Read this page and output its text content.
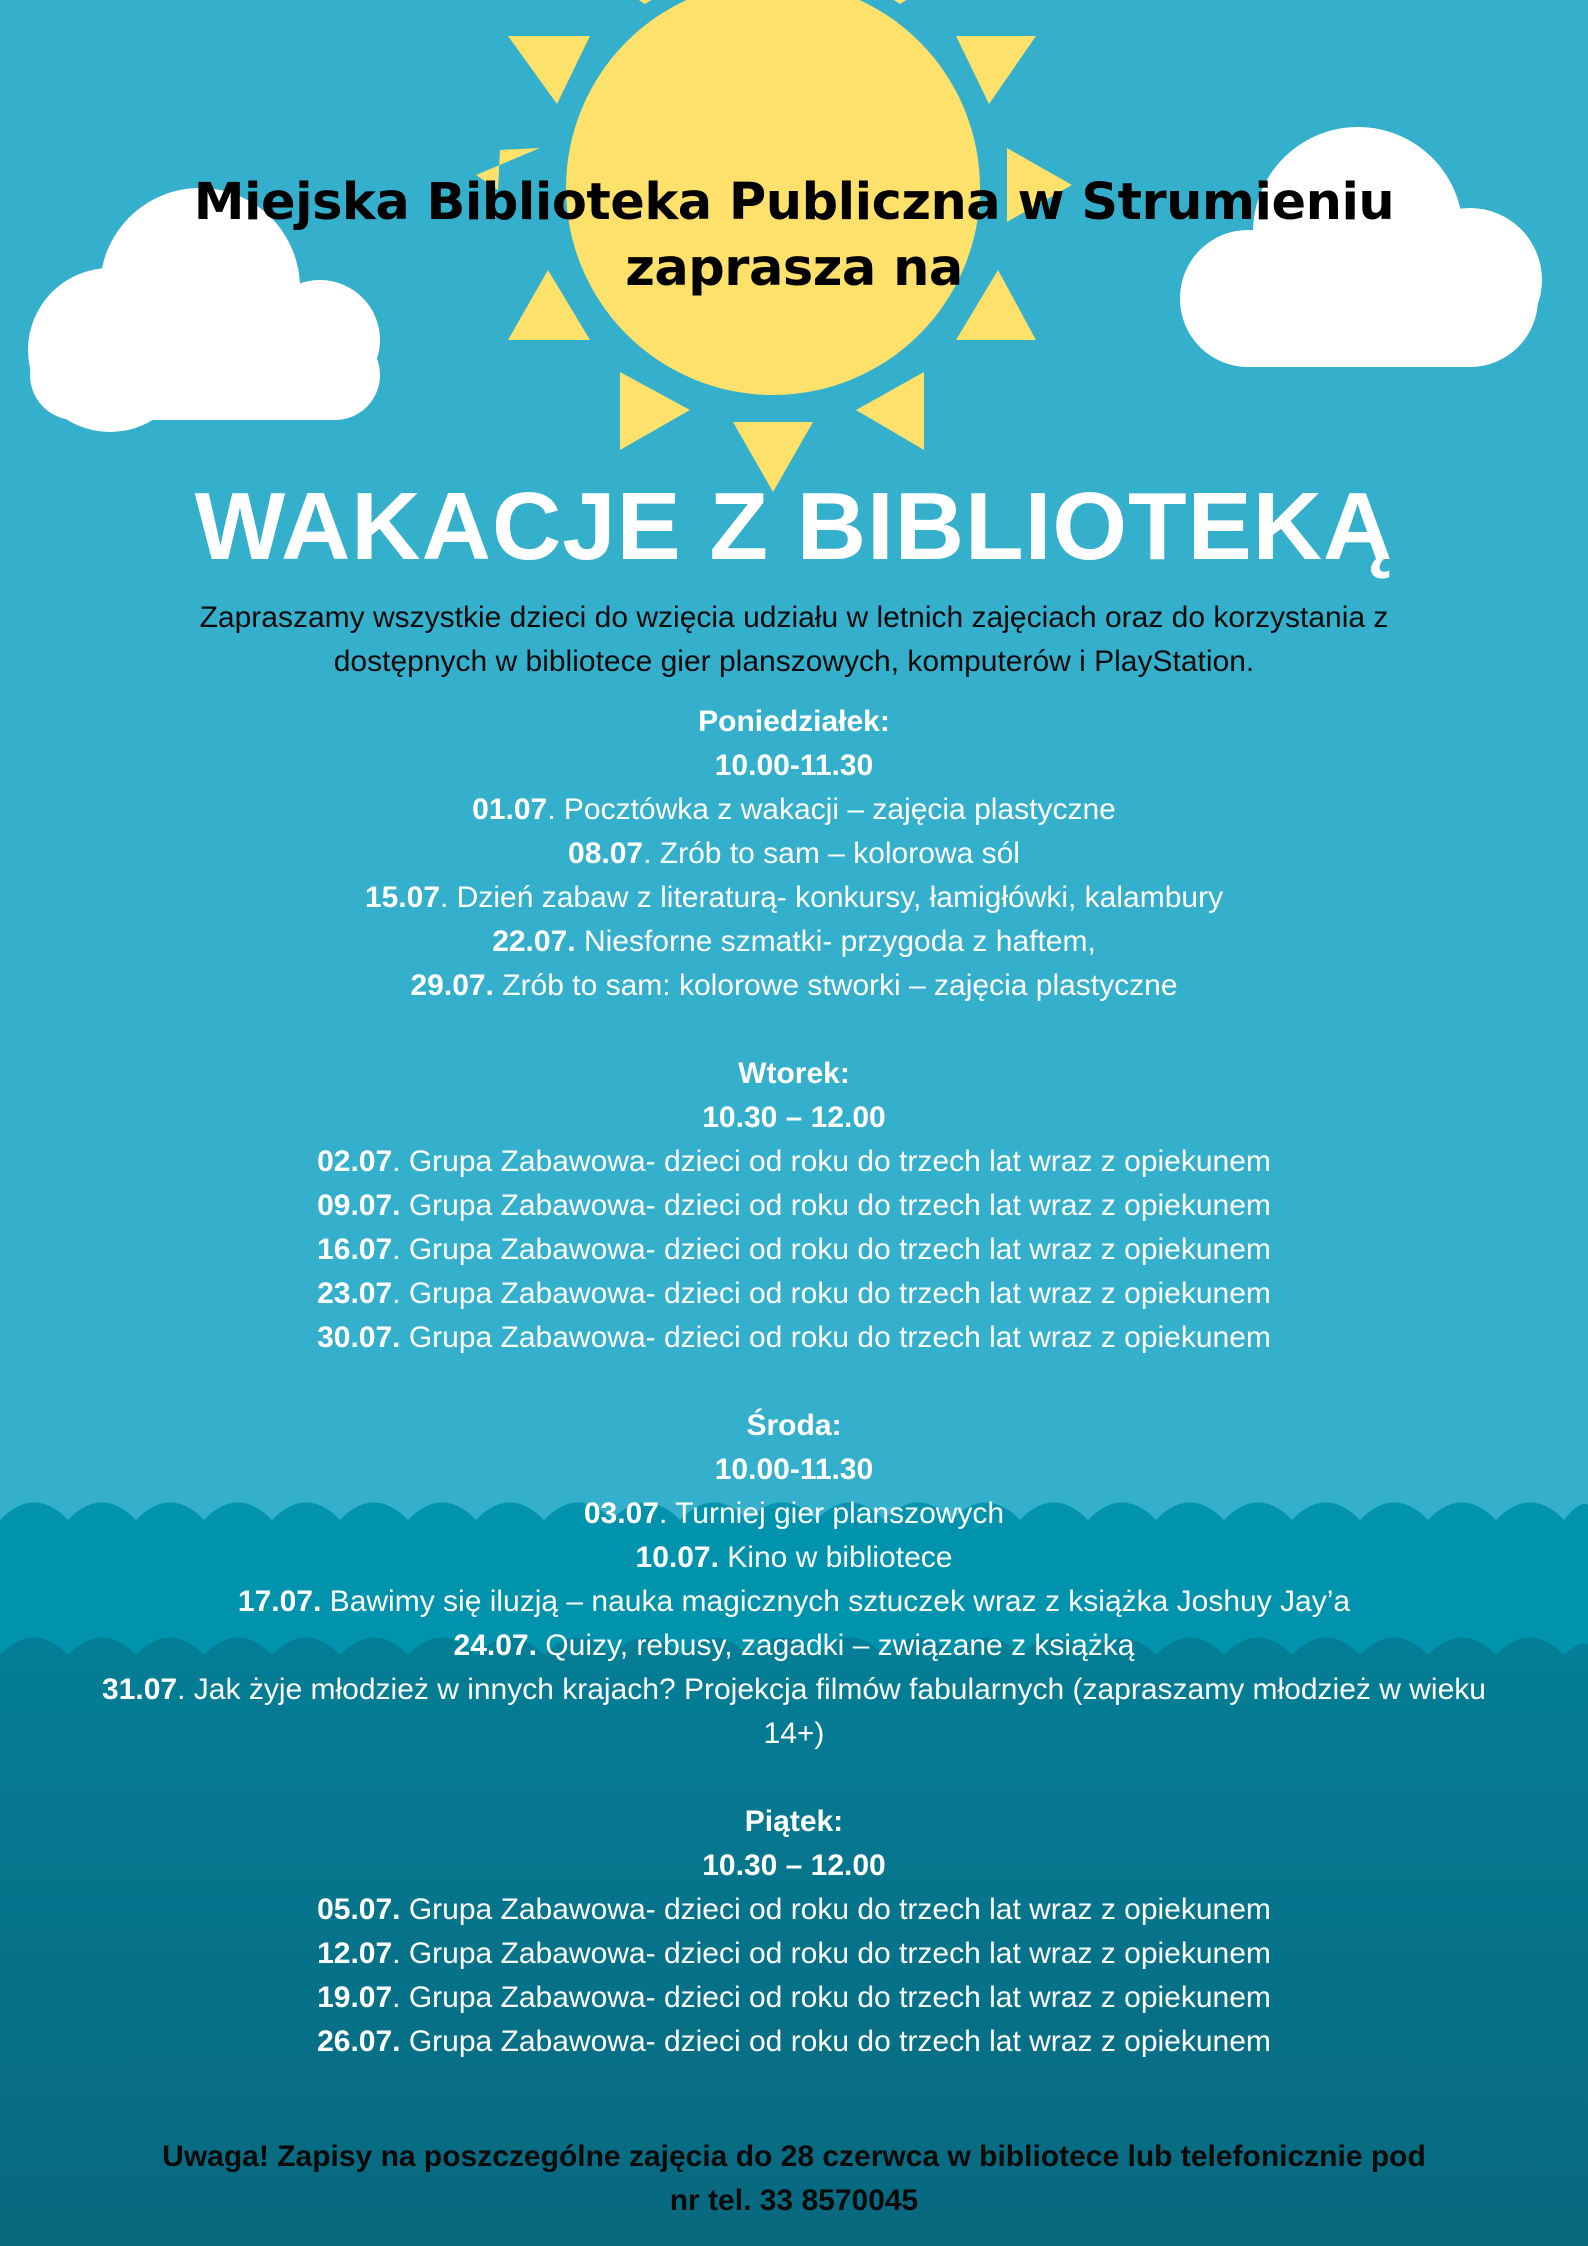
Miejska Biblioteka Publiczna w Strumieniu
zaprasza na
WAKACJE Z BIBLIOTEKĄ
Zapraszamy wszystkie dzieci do wzięcia udziału w letnich zajęciach oraz do korzystania z dostępnych w bibliotece gier planszowych, komputerów i PlayStation.
Poniedziałek:
10.00-11.30
01.07. Pocztówka z wakacji – zajęcia plastyczne
08.07. Zrób to sam – kolorowa sól
15.07. Dzień zabaw z literaturą- konkursy, łamigłówki, kalambury
22.07. Niesforne szmatki- przygoda z haftem,
29.07. Zrób to sam: kolorowe stworki – zajęcia plastyczne
Wtorek:
10.30 – 12.00
02.07. Grupa Zabawowa- dzieci od roku do trzech lat wraz z opiekunem
09.07. Grupa Zabawowa- dzieci od roku do trzech lat wraz z opiekunem
16.07. Grupa Zabawowa- dzieci od roku do trzech lat wraz z opiekunem
23.07. Grupa Zabawowa- dzieci od roku do trzech lat wraz z opiekunem
30.07. Grupa Zabawowa- dzieci od roku do trzech lat wraz z opiekunem
Środa:
10.00-11.30
03.07. Turniej gier planszowych
10.07. Kino w bibliotece
17.07. Bawimy się iluzją – nauka magicznych sztuczek wraz z książka Joshuy Jay’a
24.07. Quizy, rebusy, zagadki – związane z książką
31.07. Jak żyje młodzież w innych krajach? Projekcja filmów fabularnych (zapraszamy młodzież w wieku 14+)
Piątek:
10.30 – 12.00
05.07. Grupa Zabawowa- dzieci od roku do trzech lat wraz z opiekunem
12.07. Grupa Zabawowa- dzieci od roku do trzech lat wraz z opiekunem
19.07. Grupa Zabawowa- dzieci od roku do trzech lat wraz z opiekunem
26.07. Grupa Zabawowa- dzieci od roku do trzech lat wraz z opiekunem
Uwaga! Zapisy na poszczególne zajęcia do 28 czerwca w bibliotece lub telefonicznie pod nr tel. 33 8570045
